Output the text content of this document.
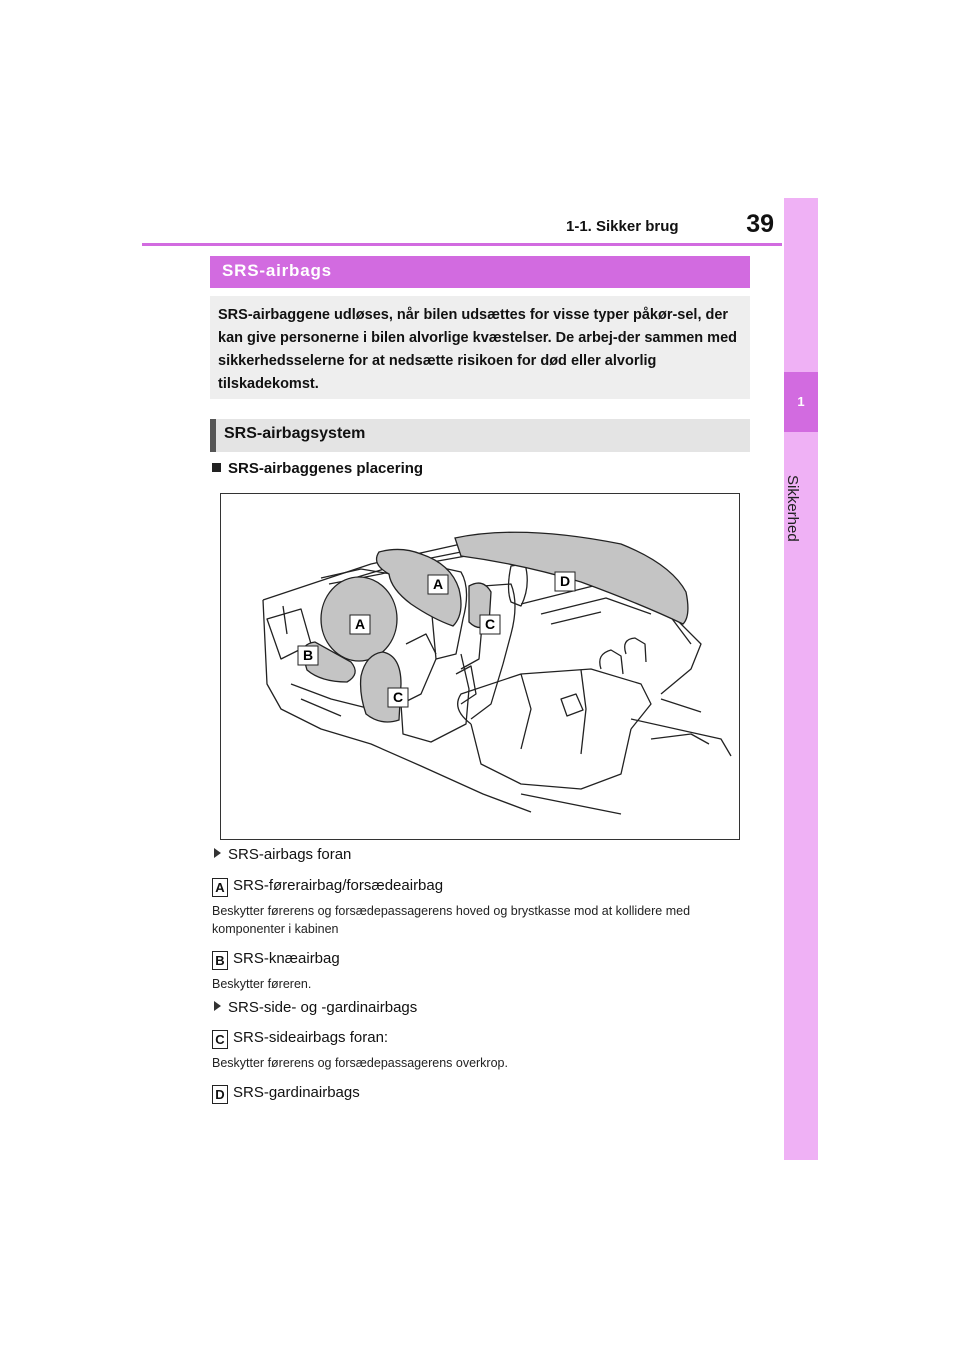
1-1. Sikker brug	39
1
Sikkerhed
SRS-airbags
SRS-airbaggene udløses, når bilen udsættes for visse typer påkør-sel, der kan give personerne i bilen alvorlige kvæstelser. De arbej-der sammen med sikkerhedsselerne for at nedsætte risikoen for død eller alvorlig tilskadekomst.
SRS-airbagsystem
SRS-airbaggenes placering
A
A
B
C
C
D
SRS-airbags foran
A SRS-førerairbag/forsædeairbag
Beskytter førerens og forsædepassagerens hoved og brystkasse mod at kollidere med komponenter i kabinen
B SRS-knæairbag
Beskytter føreren.
SRS-side- og -gardinairbags
C SRS-sideairbags foran:
Beskytter førerens og forsædepassagerens overkrop.
D SRS-gardinairbags
